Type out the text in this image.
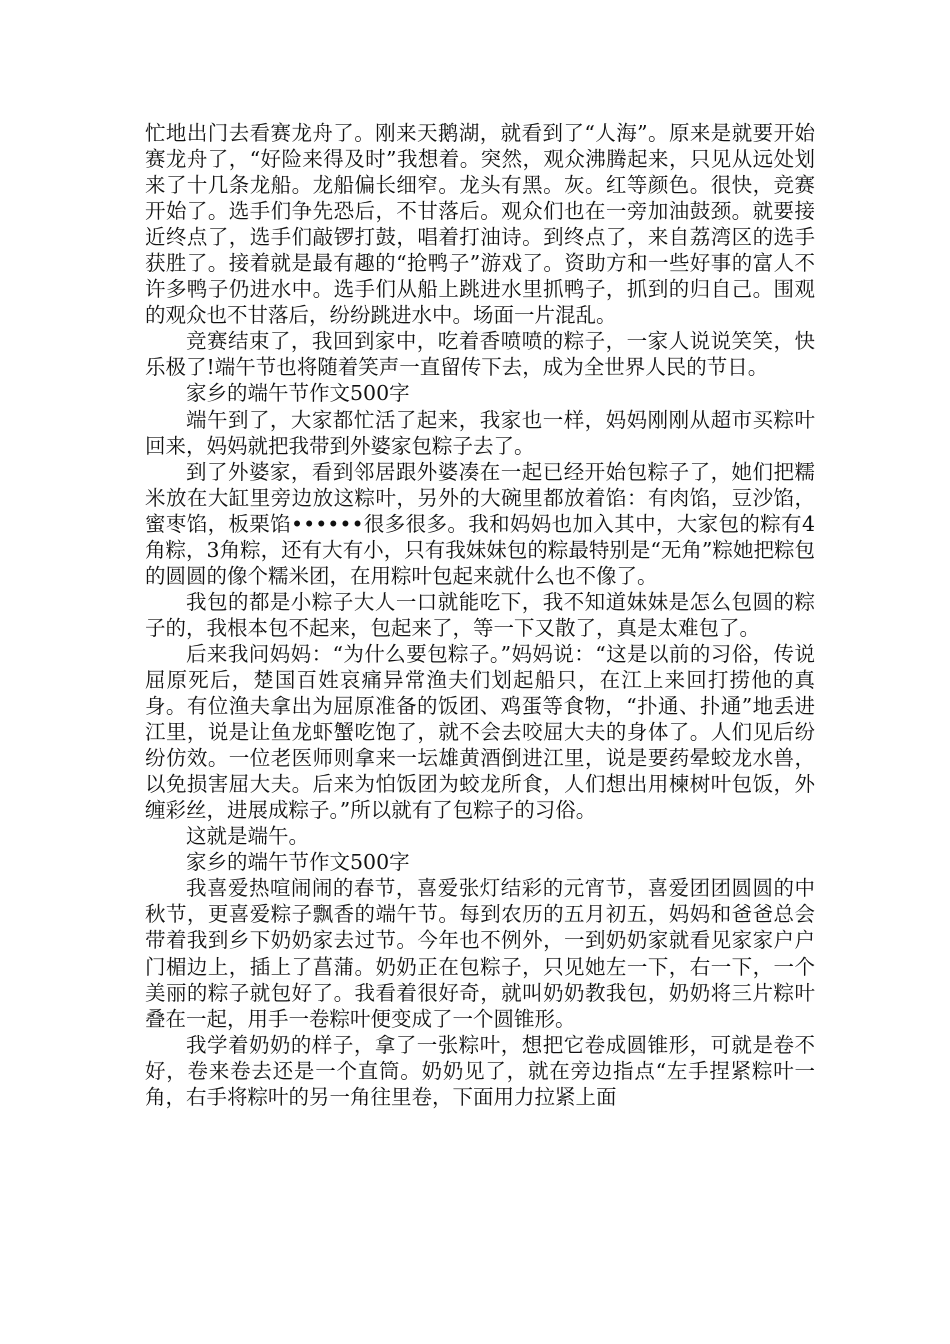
忙地出门去看赛龙舟了。刚来天鹅湖，就看到了“人海”。原来是就要开始赛龙舟了，“好险来得及时”我想着。突然，观众沸腾起来，只见从远处划来了十几条龙船。龙船偏长细窄。龙头有黑。灰。红等颜色。很快，竞赛开始了。选手们争先恐后，不甘落后。观众们也在一旁加油鼓颈。就要接近终点了，选手们敲锣打鼓，唱着打油诗。到终点了，来自荔湾区的选手获胜了。接着就是最有趣的“抢鸭子”游戏了。资助方和一些好事的富人不许多鸭子仍进水中。选手们从船上跳进水里抓鸭子，抓到的归自己。围观的观众也不甘落后，纷纷跳进水中。场面一片混乱。

竞赛结束了，我回到家中，吃着香喷喷的粽子，一家人说说笑笑，快乐极了!端午节也将随着笑声一直留传下去，成为全世界人民的节日。

家乡的端午节作文500字

端午到了，大家都忙活了起来，我家也一样，妈妈刚刚从超市买粽叶回来，妈妈就把我带到外婆家包粽子去了。

到了外婆家，看到邻居跟外婆凑在一起已经开始包粽子了，她们把糯米放在大缸里旁边放这粽叶，另外的大碗里都放着馅：有肉馅，豆沙馅，蜜枣馅，板栗馅••••••很多很多。我和妈妈也加入其中，大家包的粽有4角粽，3角粽，还有大有小，只有我妹妹包的粽最特别是“无角”粽她把粽包的圆圆的像个糯米团，在用粽叶包起来就什么也不像了。

我包的都是小粽子大人一口就能吃下，我不知道妹妹是怎么包圆的粽子的，我根本包不起来，包起来了，等一下又散了，真是太难包了。

后来我问妈妈：“为什么要包粽子。”妈妈说：“这是以前的习俗，传说屈原死后，楚国百姓哀痛异常渔夫们划起船只，在江上来回打捞他的真身。有位渔夫拿出为屈原准备的饭团、鸡蛋等食物，“扑通、扑通”地丢进江里，说是让鱼龙虾蟹吃饱了，就不会去咬屈大夫的身体了。人们见后纷纷仿效。一位老医师则拿来一坛雄黄酒倒进江里，说是要药晕蛟龙水兽，以免损害屈大夫。后来为怕饭团为蛟龙所食，人们想出用楝树叶包饭，外缠彩丝，进展成粽子。”所以就有了包粽子的习俗。

这就是端午。

家乡的端午节作文500字

我喜爱热喧闹闹的春节，喜爱张灯结彩的元宵节，喜爱团团圆圆的中秋节，更喜爱粽子飘香的端午节。每到农历的五月初五，妈妈和爸爸总会带着我到乡下奶奶家去过节。今年也不例外，一到奶奶家就看见家家户户门楣边上，插上了菖蒲。奶奶正在包粽子，只见她左一下，右一下，一个美丽的粽子就包好了。我看着很好奇，就叫奶奶教我包，奶奶将三片粽叶叠在一起，用手一卷粽叶便变成了一个圆锥形。

我学着奶奶的样子，拿了一张粽叶，想把它卷成圆锥形，可就是卷不好，卷来卷去还是一个直筒。奶奶见了，就在旁边指点“左手捏紧粽叶一角，右手将粽叶的另一角往里卷，下面用力拉紧上面
